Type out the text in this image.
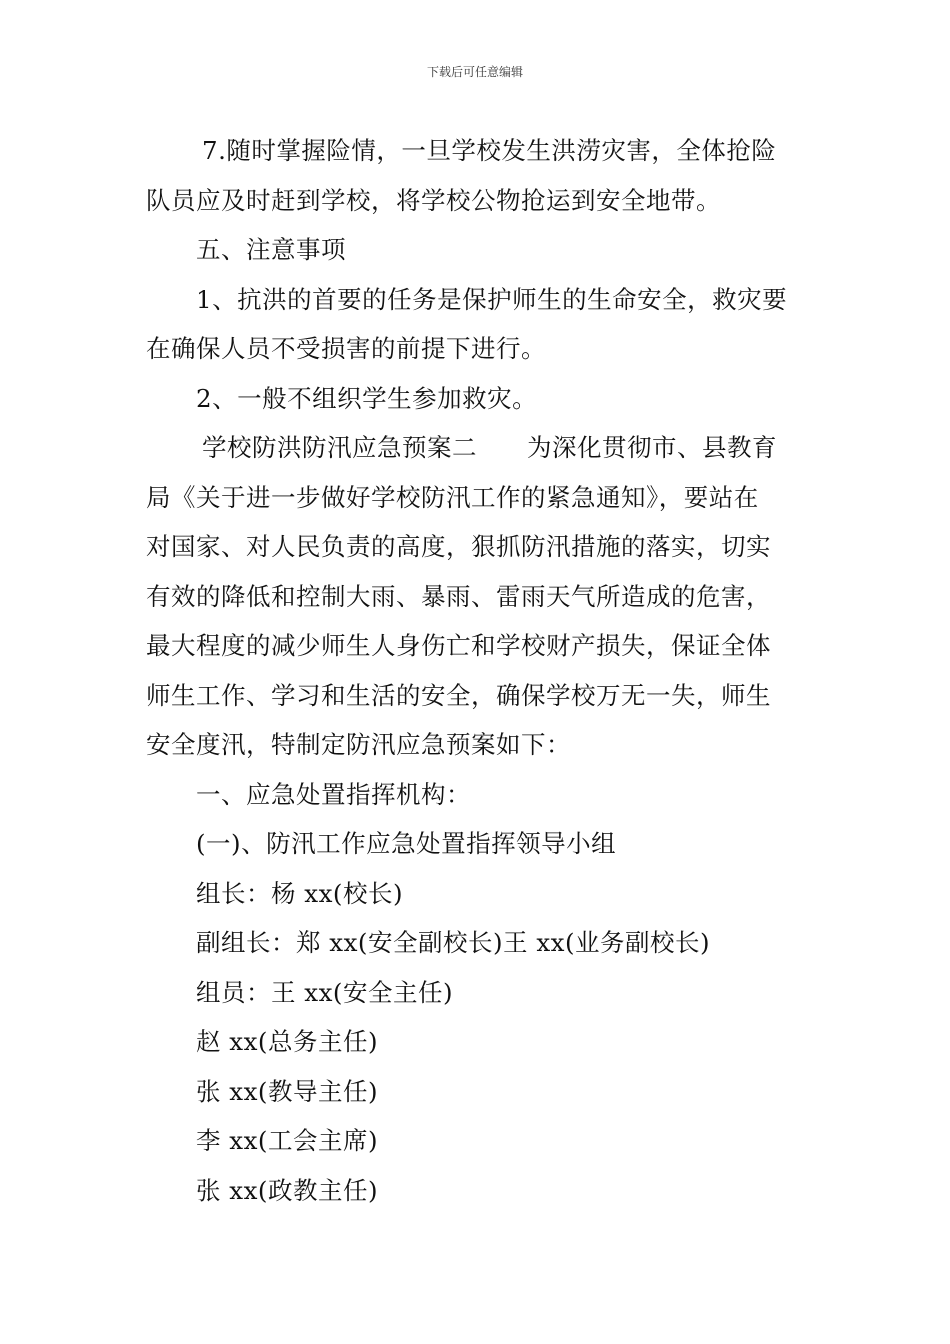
下载后可任意编辑

7.随时掌握险情，一旦学校发生洪涝灾害，全体抢险

队员应及时赶到学校，将学校公物抢运到安全地带。

五、注意事项

1、抗洪的首要的任务是保护师生的生命安全，救灾要

在确保人员不受损害的前提下进行。

2、一般不组织学生参加救灾。

学校防洪防汛应急预案二 为深化贯彻市、县教育

局《关于进一步做好学校防汛工作的紧急通知》，要站在

对国家、对人民负责的高度，狠抓防汛措施的落实，切实

有效的降低和控制大雨、暴雨、雷雨天气所造成的危害，

最大程度的减少师生人身伤亡和学校财产损失，保证全体

师生工作、学习和生活的安全，确保学校万无一失，师生

安全度汛，特制定防汛应急预案如下：

一、应急处置指挥机构：

(一)、防汛工作应急处置指挥领导小组

组长：杨 xx(校长)

副组长：郑 xx(安全副校长)王 xx(业务副校长)

组员：王 xx(安全主任)

赵 xx(总务主任)

张 xx(教导主任)

李 xx(工会主席)

张 xx(政教主任)
